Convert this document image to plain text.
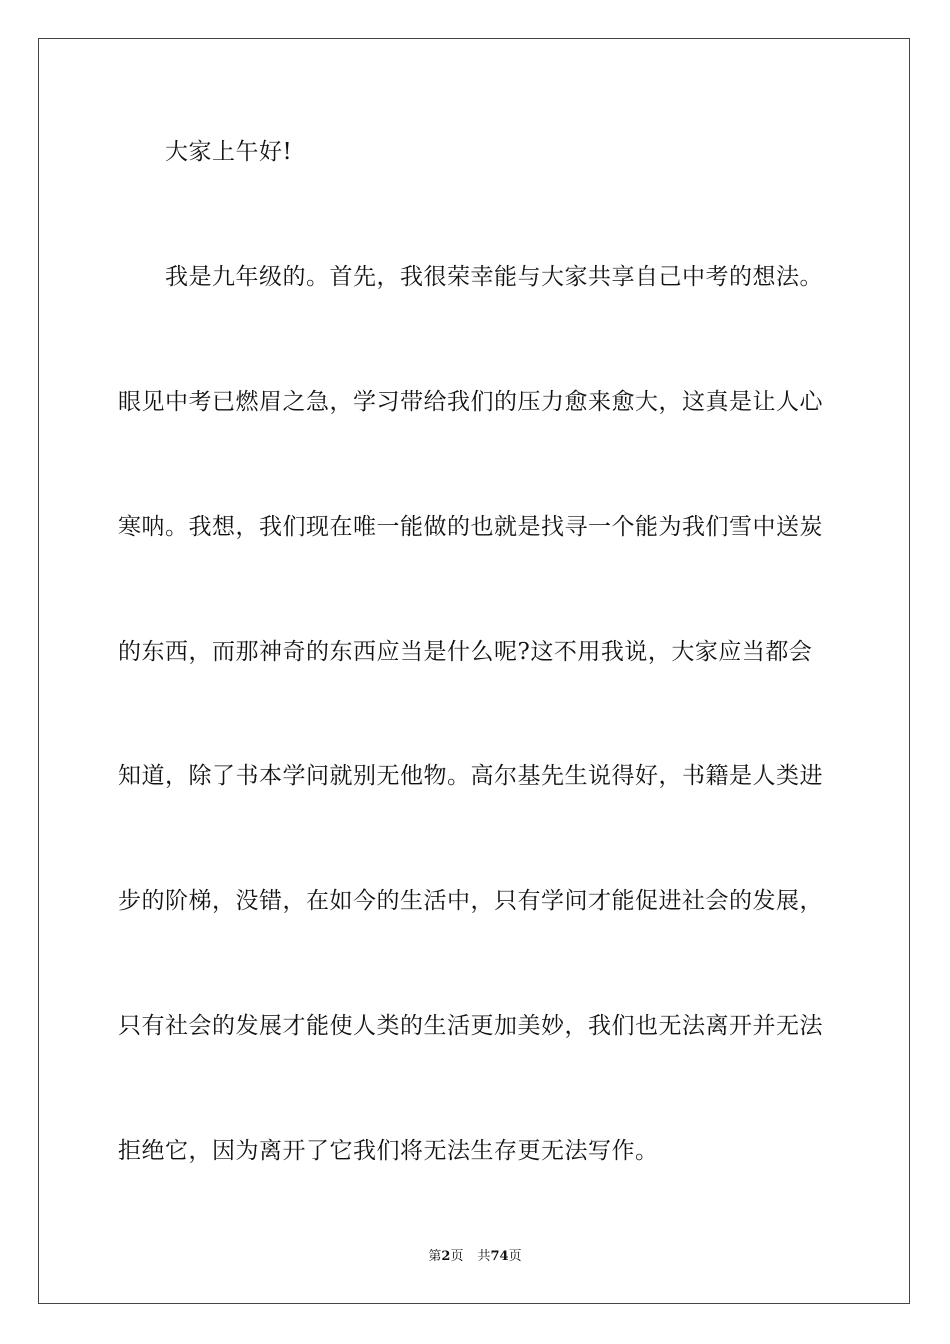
大家上午好!
我是九年级的。首先，我很荣幸能与大家共享自己中考的想法。
眼见中考已燃眉之急，学习带给我们的压力愈来愈大，这真是让人心
寒呐。我想，我们现在唯一能做的也就是找寻一个能为我们雪中送炭
的东西，而那神奇的东西应当是什么呢?这不用我说，大家应当都会
知道，除了书本学问就别无他物。高尔基先生说得好，书籍是人类进
步的阶梯，没错，在如今的生活中，只有学问才能促进社会的发展，
只有社会的发展才能使人类的生活更加美妙，我们也无法离开并无法
拒绝它，因为离开了它我们将无法生存更无法写作。
第2页 共74页
